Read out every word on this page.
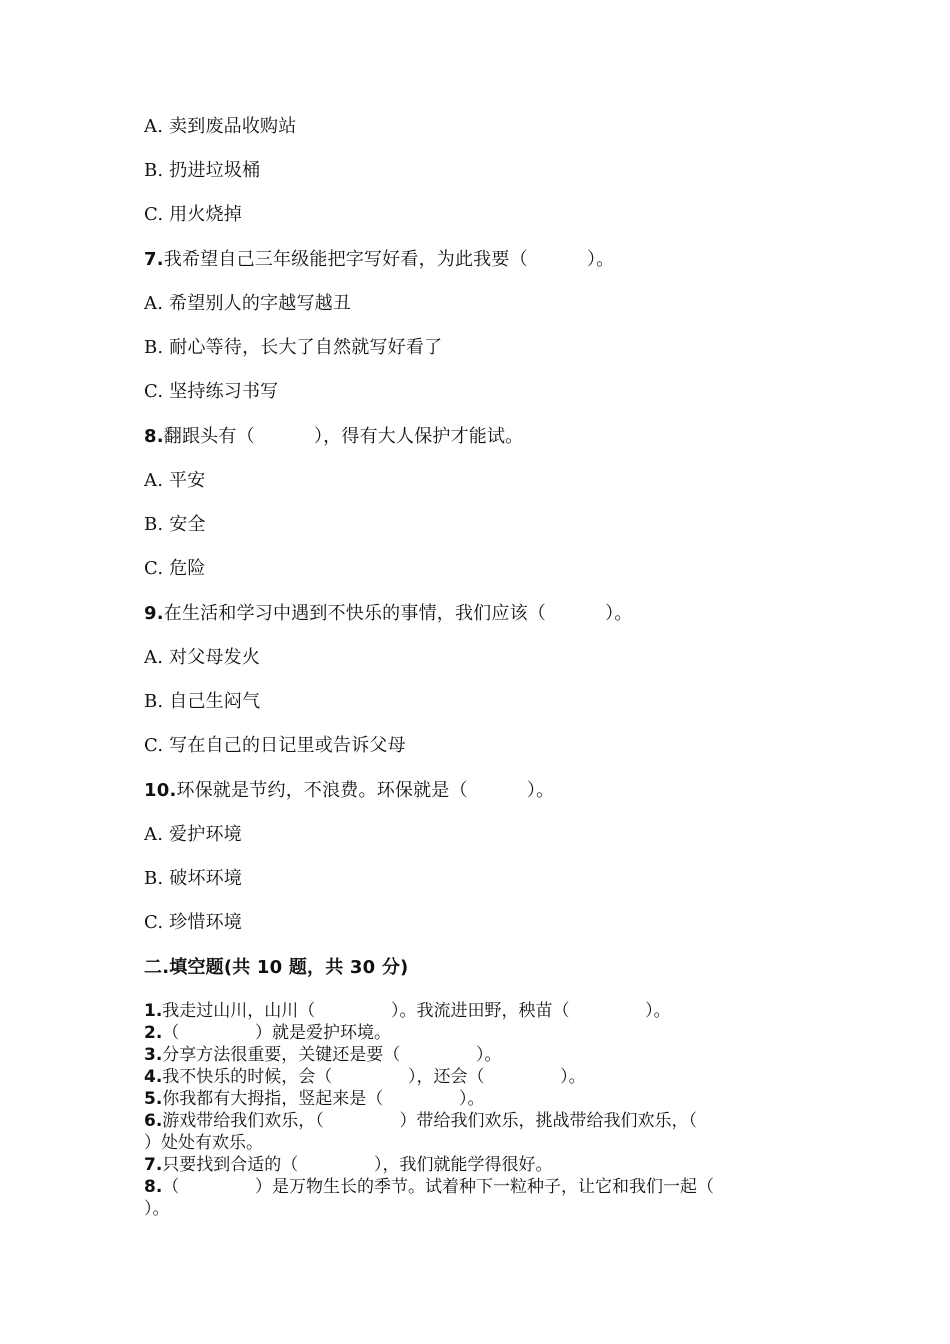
A. 卖到废品收购站
B. 扔进垃圾桶
C. 用火烧掉
7.我希望自己三年级能把字写好看，为此我要（          ）。
A. 希望别人的字越写越丑
B. 耐心等待，长大了自然就写好看了
C. 坚持练习书写
8.翻跟头有（          ），得有大人保护才能试。
A. 平安
B. 安全
C. 危险
9.在生活和学习中遇到不快乐的事情，我们应该（          ）。
A. 对父母发火
B. 自己生闷气
C. 写在自己的日记里或告诉父母
10.环保就是节约，不浪费。环保就是（          ）。
A. 爱护环境
B. 破坏环境
C. 珍惜环境
二.填空题(共 10 题，共 30 分)
1.我走过山川，山川（              ）。我流进田野，秧苗（              ）。
2.（              ）就是爱护环境。
3.分享方法很重要，关键还是要（              ）。
4.我不快乐的时候，会（              ），还会（              ）。
5.你我都有大拇指，竖起来是（              ）。
6.游戏带给我们欢乐，（              ）带给我们欢乐，挑战带给我们欢乐，（
）处处有欢乐。
7.只要找到合适的（              ），我们就能学得很好。
8.（              ）是万物生长的季节。试着种下一粒种子，让它和我们一起（
）。
